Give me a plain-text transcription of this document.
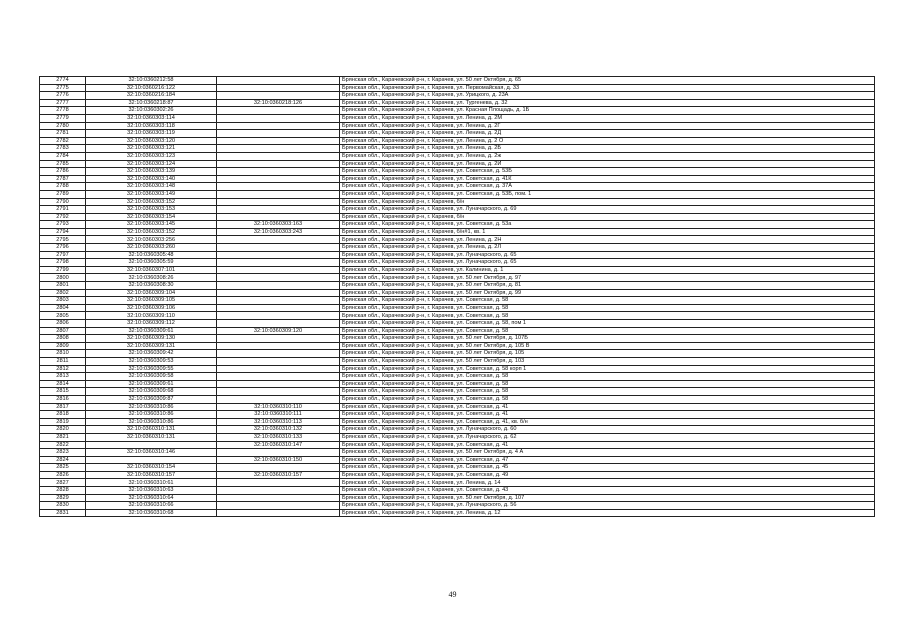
2774	32:10:0360212:58		Брянская обл., Карачевский р-н, г. Карачев, ул. 50 лет Октября, д. 65
2775	32:10:0360216:122		Брянская обл., Карачевский р-н, г. Карачев, ул. Первомайская, д. 33
2776	32:10:0360216:184		Брянская обл., Карачевский р-н, г. Карачев, ул. Урицкого, д. 23А
2777	32:10:0360218:87	32:10:0360218:126	Брянская обл., Карачевский р-н, г. Карачев, ул. Тургенева, д. 32
2778	32:10:0360302:26		Брянская обл., Карачевский р-н, г. Карачев, ул. Красная Площадь, д. 1Б
2779	32:10:0360303:114		Брянская обл., Карачевский р-н, г. Карачев, ул. Ленина, д. 2М
2780	32:10:0360303:118		Брянская обл., Карачевский р-н, г. Карачев, ул. Ленина, д. 2Г
2781	32:10:0360303:119		Брянская обл., Карачевский р-н, г. Карачев, ул. Ленина, д. 2Д
2782	32:10:0360303:120		Брянская обл., Карачевский р-н, г. Карачев, ул. Ленина, д. 2 О
2783	32:10:0360303:121		Брянская обл., Карачевский р-н, г. Карачев, ул. Ленина, д. 2Б
2784	32:10:0360303:123		Брянская обл., Карачевский р-н, г. Карачев, ул. Ленина, д. 2ж
2785	32:10:0360303:124		Брянская обл., Карачевский р-н, г. Карачев, ул. Ленина, д. 2И
2786	32:10:0360303:139		Брянская обл., Карачевский р-н, г. Карачев, ул. Советская, д. 53Б
2787	32:10:0360303:140		Брянская обл., Карачевский р-н, г. Карачев, ул. Советская, д. 41К
2788	32:10:0360303:148		Брянская обл., Карачевский р-н, г. Карачев, ул. Советская, д. 37А
2789	32:10:0360303:149		Брянская обл., Карачевский р-н, г. Карачев, ул. Советская, д. 53Б, пом. 1
2790	32:10:0360303:152		Брянская обл., Карачевский р-н, г. Карачев, б/н
2791	32:10:0360303:153		Брянская обл., Карачевский р-н, г. Карачев, ул. Луначарского, д. 69
2792	32:10:0360303:154		Брянская обл., Карачевский р-н, г. Карачев, б/н
2793	32:10:0360303:145	32:10:0360303:163	Брянская обл., Карачевский р-н, г. Карачев, ул. Советская, д. 53а
2794	32:10:0360303:152	32:10:0360303:243	Брянская обл., Карачевский р-н, г. Карачев, б/н#1, кв. 1
2795	32:10:0360303:256		Брянская обл., Карачевский р-н, г. Карачев, ул. Ленина, д. 2Н
2796	32:10:0360303:260		Брянская обл., Карачевский р-н, г. Карачев, ул. Ленина, д. 2Л
2797	32:10:0360305:48		Брянская обл., Карачевский р-н, г. Карачев, ул. Луначарского, д. 65
2798	32:10:0360305:59		Брянская обл., Карачевский р-н, г. Карачев, ул. Луначарского, д. 65
2799	32:10:0360307:101		Брянская обл., Карачевский р-н, г. Карачев, ул. Калинина, д. 1
2800	32:10:0360308:26		Брянская обл., Карачевский р-н, г. Карачев, ул. 50 лет Октября, д. 97
2801	32:10:0360308:30		Брянская обл., Карачевский р-н, г. Карачев, ул. 50 лет Октября, д. 81
2802	32:10:0360309:104		Брянская обл., Карачевский р-н, г. Карачев, ул. 50 лет Октября, д. 99
2803	32:10:0360309:105		Брянская обл., Карачевский р-н, г. Карачев, ул. Советская, д. 58
2804	32:10:0360309:106		Брянская обл., Карачевский р-н, г. Карачев, ул. Советская, д. 58
2805	32:10:0360309:110		Брянская обл., Карачевский р-н, г. Карачев, ул. Советская, д. 58
2806	32:10:0360309:112		Брянская обл., Карачевский р-н, г. Карачев, ул. Советская, д. 58, пом 1
2807	32:10:0360309:61	32:10:0360309:120	Брянская обл., Карачевский р-н, г. Карачев, ул. Советская, д. 58
2808	32:10:0360309:130		Брянская обл., Карачевский р-н, г. Карачев, ул. 50 лет Октября, д. 107Б
2809	32:10:0360309:131		Брянская обл., Карачевский р-н, г. Карачев, ул. 50 лет Октября, д. 105 В
2810	32:10:0360309:42		Брянская обл., Карачевский р-н, г. Карачев, ул. 50 лет Октября, д. 105
2811	32:10:0360309:53		Брянская обл., Карачевский р-н, г. Карачев, ул. 50 лет Октября, д. 103
2812	32:10:0360309:55		Брянская обл., Карачевский р-н, г. Карачев, ул. Советская, д. 58 корп 1
2813	32:10:0360309:58		Брянская обл., Карачевский р-н, г. Карачев, ул. Советская, д. 58
2814	32:10:0360309:61		Брянская обл., Карачевский р-н, г. Карачев, ул. Советская, д. 58
2815	32:10:0360309:68		Брянская обл., Карачевский р-н, г. Карачев, ул. Советская, д. 58
2816	32:10:0360309:87		Брянская обл., Карачевский р-н, г. Карачев, ул. Советская, д. 58
2817	32:10:0360310:86	32:10:0360310:110	Брянская обл., Карачевский р-н, г. Карачев, ул. Советская, д. 41
2818	32:10:0360310:86	32:10:0360310:111	Брянская обл., Карачевский р-н, г. Карачев, ул. Советская, д. 41
2819	32:10:0360310:86	32:10:0360310:113	Брянская обл., Карачевский р-н, г. Карачев, ул. Советская, д. 41, кв. б/н
2820	32:10:0360310:131	32:10:0360310:132	Брянская обл., Карачевский р-н, г. Карачев, ул. Луначарского, д. 60
2821	32:10:0360310:131	32:10:0360310:133	Брянская обл., Карачевский р-н, г. Карачев, ул. Луначарского, д. 62
2822		32:10:0360310:147	Брянская обл., Карачевский р-н, г. Карачев, ул. Советская, д. 41
2823	32:10:0360310:146		Брянская обл., Карачевский р-н, г. Карачев, ул. 50 лет Октября, д. 4 А
2824		32:10:0360310:150	Брянская обл., Карачевский р-н, г. Карачев, ул. Советская, д. 47
2825	32:10:0360310:154		Брянская обл., Карачевский р-н, г. Карачев, ул. Советская, д. 45
2826	32:10:0360310:157	32:10:0360310:157	Брянская обл., Карачевский р-н, г. Карачев, ул. Советская, д. 49
2827	32:10:0360310:61		Брянская обл., Карачевский р-н, г. Карачев, ул. Ленина, д. 14
2828	32:10:0360310:63		Брянская обл., Карачевский р-н, г. Карачев, ул. Советская, д. 43
2829	32:10:0360310:64		Брянская обл., Карачевский р-н, г. Карачев, ул. 50 лет Октября, д. 107
2830	32:10:0360310:66		Брянская обл., Карачевский р-н, г. Карачев, ул. Луначарского, д. 56
2831	32:10:0360310:68		Брянская обл., Карачевский р-н, г. Карачев, ул. Ленина, д. 12
49
